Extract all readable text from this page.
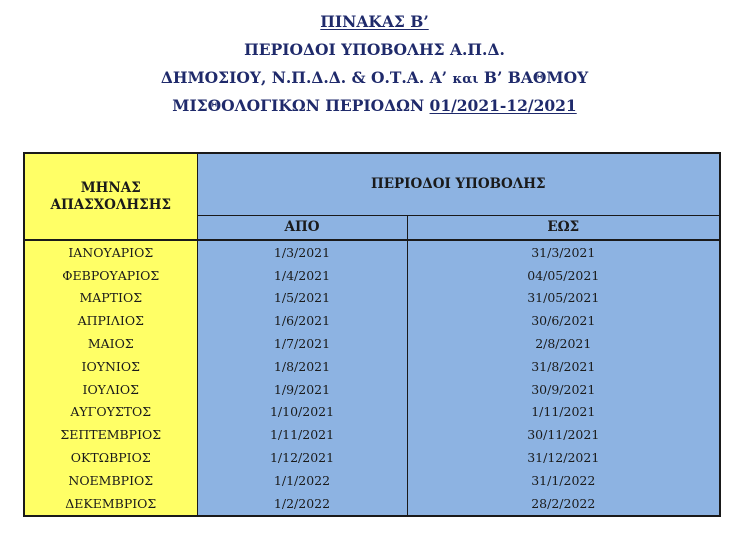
ΠΙΝΑΚΑΣ Β’
ΠΕΡΙΟΔΟΙ ΥΠΟΒΟΛΗΣ Α.Π.Δ.
ΔΗΜΟΣΙΟΥ, Ν.Π.Δ.Δ. & Ο.Τ.Α. Α’ και Β’ ΒΑΘΜΟΥ
ΜΙΣΘΟΛΟΓΙΚΩΝ ΠΕΡΙΟΔΩΝ 01/2021-12/2021
ΜΗΝΑΣ
ΑΠΑΣΧΟΛΗΣΗΣ	ΠΕΡΙΟΔΟΙ ΥΠΟΒΟΛΗΣ	
	ΑΠΟ	ΕΩΣ
ΙΑΝΟΥΑΡΙΟΣ	1/3/2021	31/3/2021
ΦΕΒΡΟΥΑΡΙΟΣ	1/4/2021	04/05/2021
ΜΑΡΤΙΟΣ	1/5/2021	31/05/2021
ΑΠΡΙΛΙΟΣ	1/6/2021	30/6/2021
ΜΑΙΟΣ	1/7/2021	2/8/2021
ΙΟΥΝΙΟΣ	1/8/2021	31/8/2021
ΙΟΥΛΙΟΣ	1/9/2021	30/9/2021
ΑΥΓΟΥΣΤΟΣ	1/10/2021	1/11/2021
ΣΕΠΤΕΜΒΡΙΟΣ	1/11/2021	30/11/2021
ΟΚΤΩΒΡΙΟΣ	1/12/2021	31/12/2021
ΝΟΕΜΒΡΙΟΣ	1/1/2022	31/1/2022
ΔΕΚΕΜΒΡΙΟΣ	1/2/2022	28/2/2022
